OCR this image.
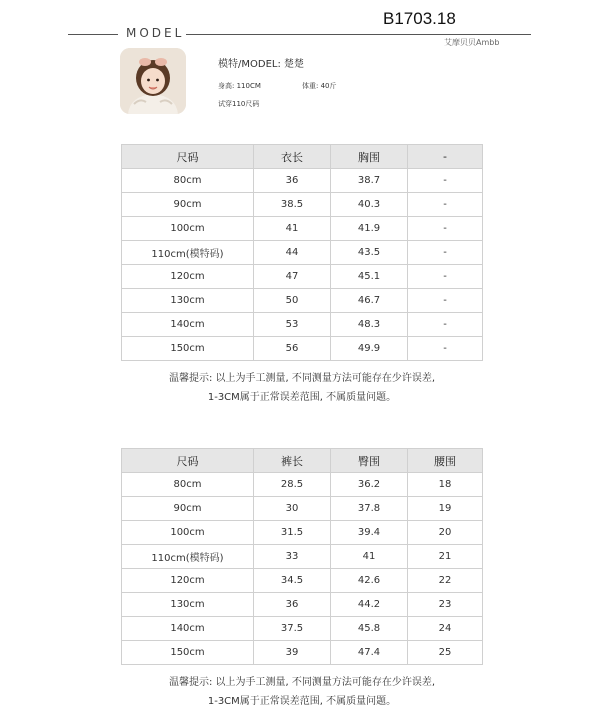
MODEL
B1703.18
艾摩贝贝Ambb
模特/MODEL: 楚楚
身高: 110CM	体重: 40斤
试穿110尺码
尺码	衣长	胸围	-
80cm	36	38.7	-
90cm	38.5	40.3	-
100cm	41	41.9	-
110cm(模特码)	44	43.5	-
120cm	47	45.1	-
130cm	50	46.7	-
140cm	53	48.3	-
150cm	56	49.9	-
温馨提示: 以上为手工测量, 不同测量方法可能存在少许误差,
1-3CM属于正常误差范围, 不属质量问题。
尺码	裤长	臀围	腰围
80cm	28.5	36.2	18
90cm	30	37.8	19
100cm	31.5	39.4	20
110cm(模特码)	33	41	21
120cm	34.5	42.6	22
130cm	36	44.2	23
140cm	37.5	45.8	24
150cm	39	47.4	25
温馨提示: 以上为手工测量, 不同测量方法可能存在少许误差,
1-3CM属于正常误差范围, 不属质量问题。
